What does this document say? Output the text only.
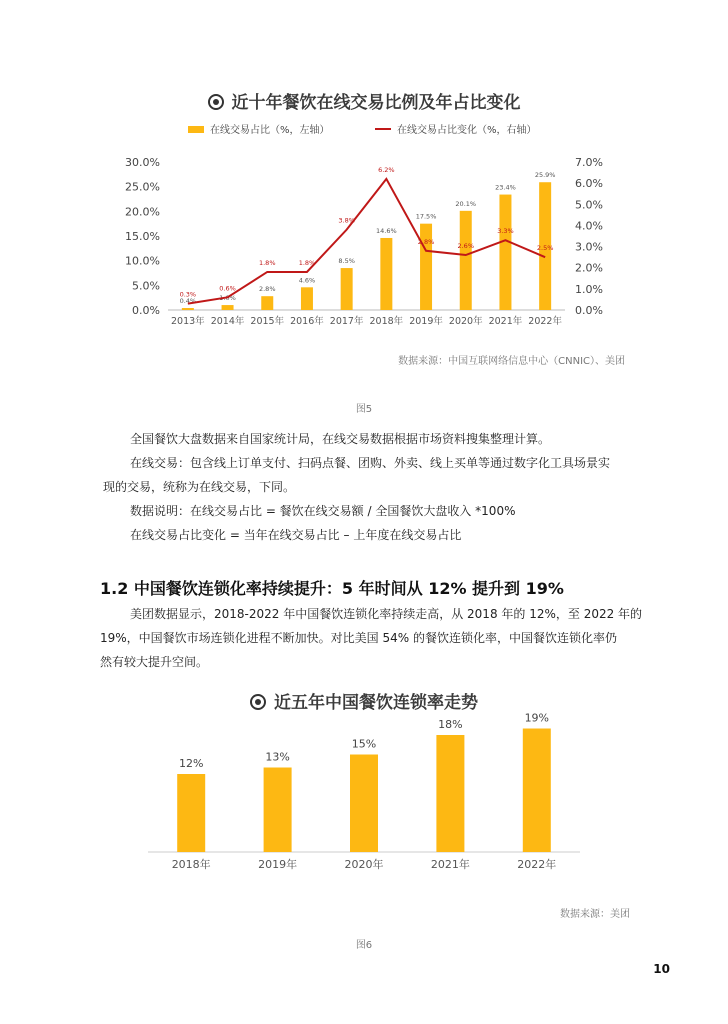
近十年餐饮在线交易比例及年占比变化
在线交易占比（%，左轴）	在线交易占比变化（%，右轴）
0.0%
5.0%
10.0%
15.0%
20.0%
25.0%
30.0%
0.0%
1.0%
2.0%
3.0%
4.0%
5.0%
6.0%
7.0%
0.4%
2013年
1.0%
2014年
2.8%
2015年
4.6%
2016年
8.5%
2017年
14.6%
2018年
17.5%
2019年
20.1%
2020年
23.4%
2021年
25.9%
2022年
0.3%
0.6%
1.8%	1.8%
3.8%
6.2%
2.8%
2.6%
3.3%
2.5%
数据来源：中国互联网络信息中心（CNNIC）、美团
图5
全国餐饮大盘数据来自国家统计局，在线交易数据根据市场资料搜集整理计算。
在线交易：包含线上订单支付、扫码点餐、团购、外卖、线上买单等通过数字化工具场景实
现的交易，统称为在线交易，下同。
数据说明：在线交易占比 = 餐饮在线交易额 / 全国餐饮大盘收入 *100%
在线交易占比变化 = 当年在线交易占比 – 上年度在线交易占比
1.2 中国餐饮连锁化率持续提升：5 年时间从 12% 提升到 19%
美团数据显示，2018-2022 年中国餐饮连锁化率持续走高，从 2018 年的 12%，至 2022 年的
19%，中国餐饮市场连锁化进程不断加快。对比美国 54% 的餐饮连锁化率，中国餐饮连锁化率仍
然有较大提升空间。
近五年中国餐饮连锁率走势
12%
2018年
13%
2019年
15%
2020年
18%
2021年
19%
2022年
数据来源：美团
图6
10
